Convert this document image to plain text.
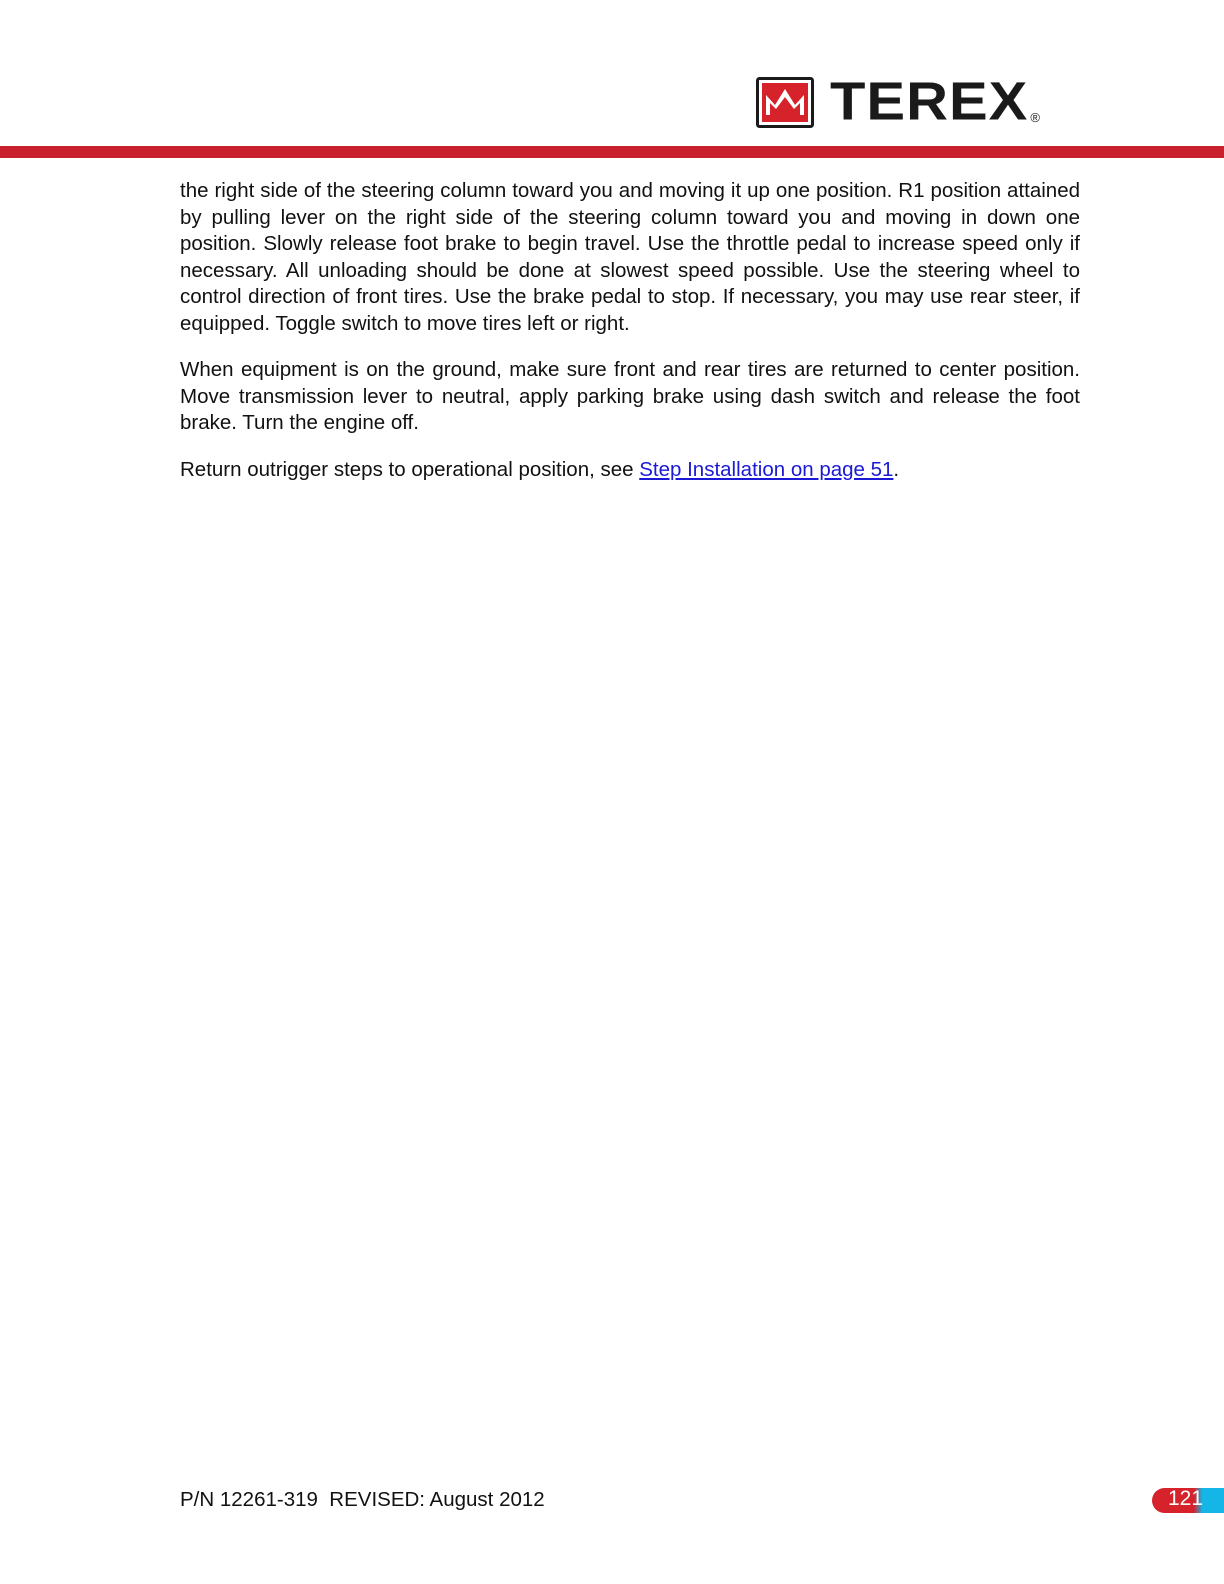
TEREX ®

the right side of the steering column toward you and moving it up one position. R1 position attained by pulling lever on the right side of the steering column toward you and moving in down one position. Slowly release foot brake to begin travel. Use the throttle pedal to increase speed only if necessary. All unloading should be done at slowest speed possible. Use the steering wheel to control direction of front tires. Use the brake pedal to stop. If necessary, you may use rear steer, if equipped. Toggle switch to move tires left or right.

When equipment is on the ground, make sure front and rear tires are returned to center position. Move transmission lever to neutral, apply parking brake using dash switch and release the foot brake. Turn the engine off.

Return outrigger steps to operational position, see Step Installation on page 51.

P/N 12261-319  REVISED: August 2012	121
